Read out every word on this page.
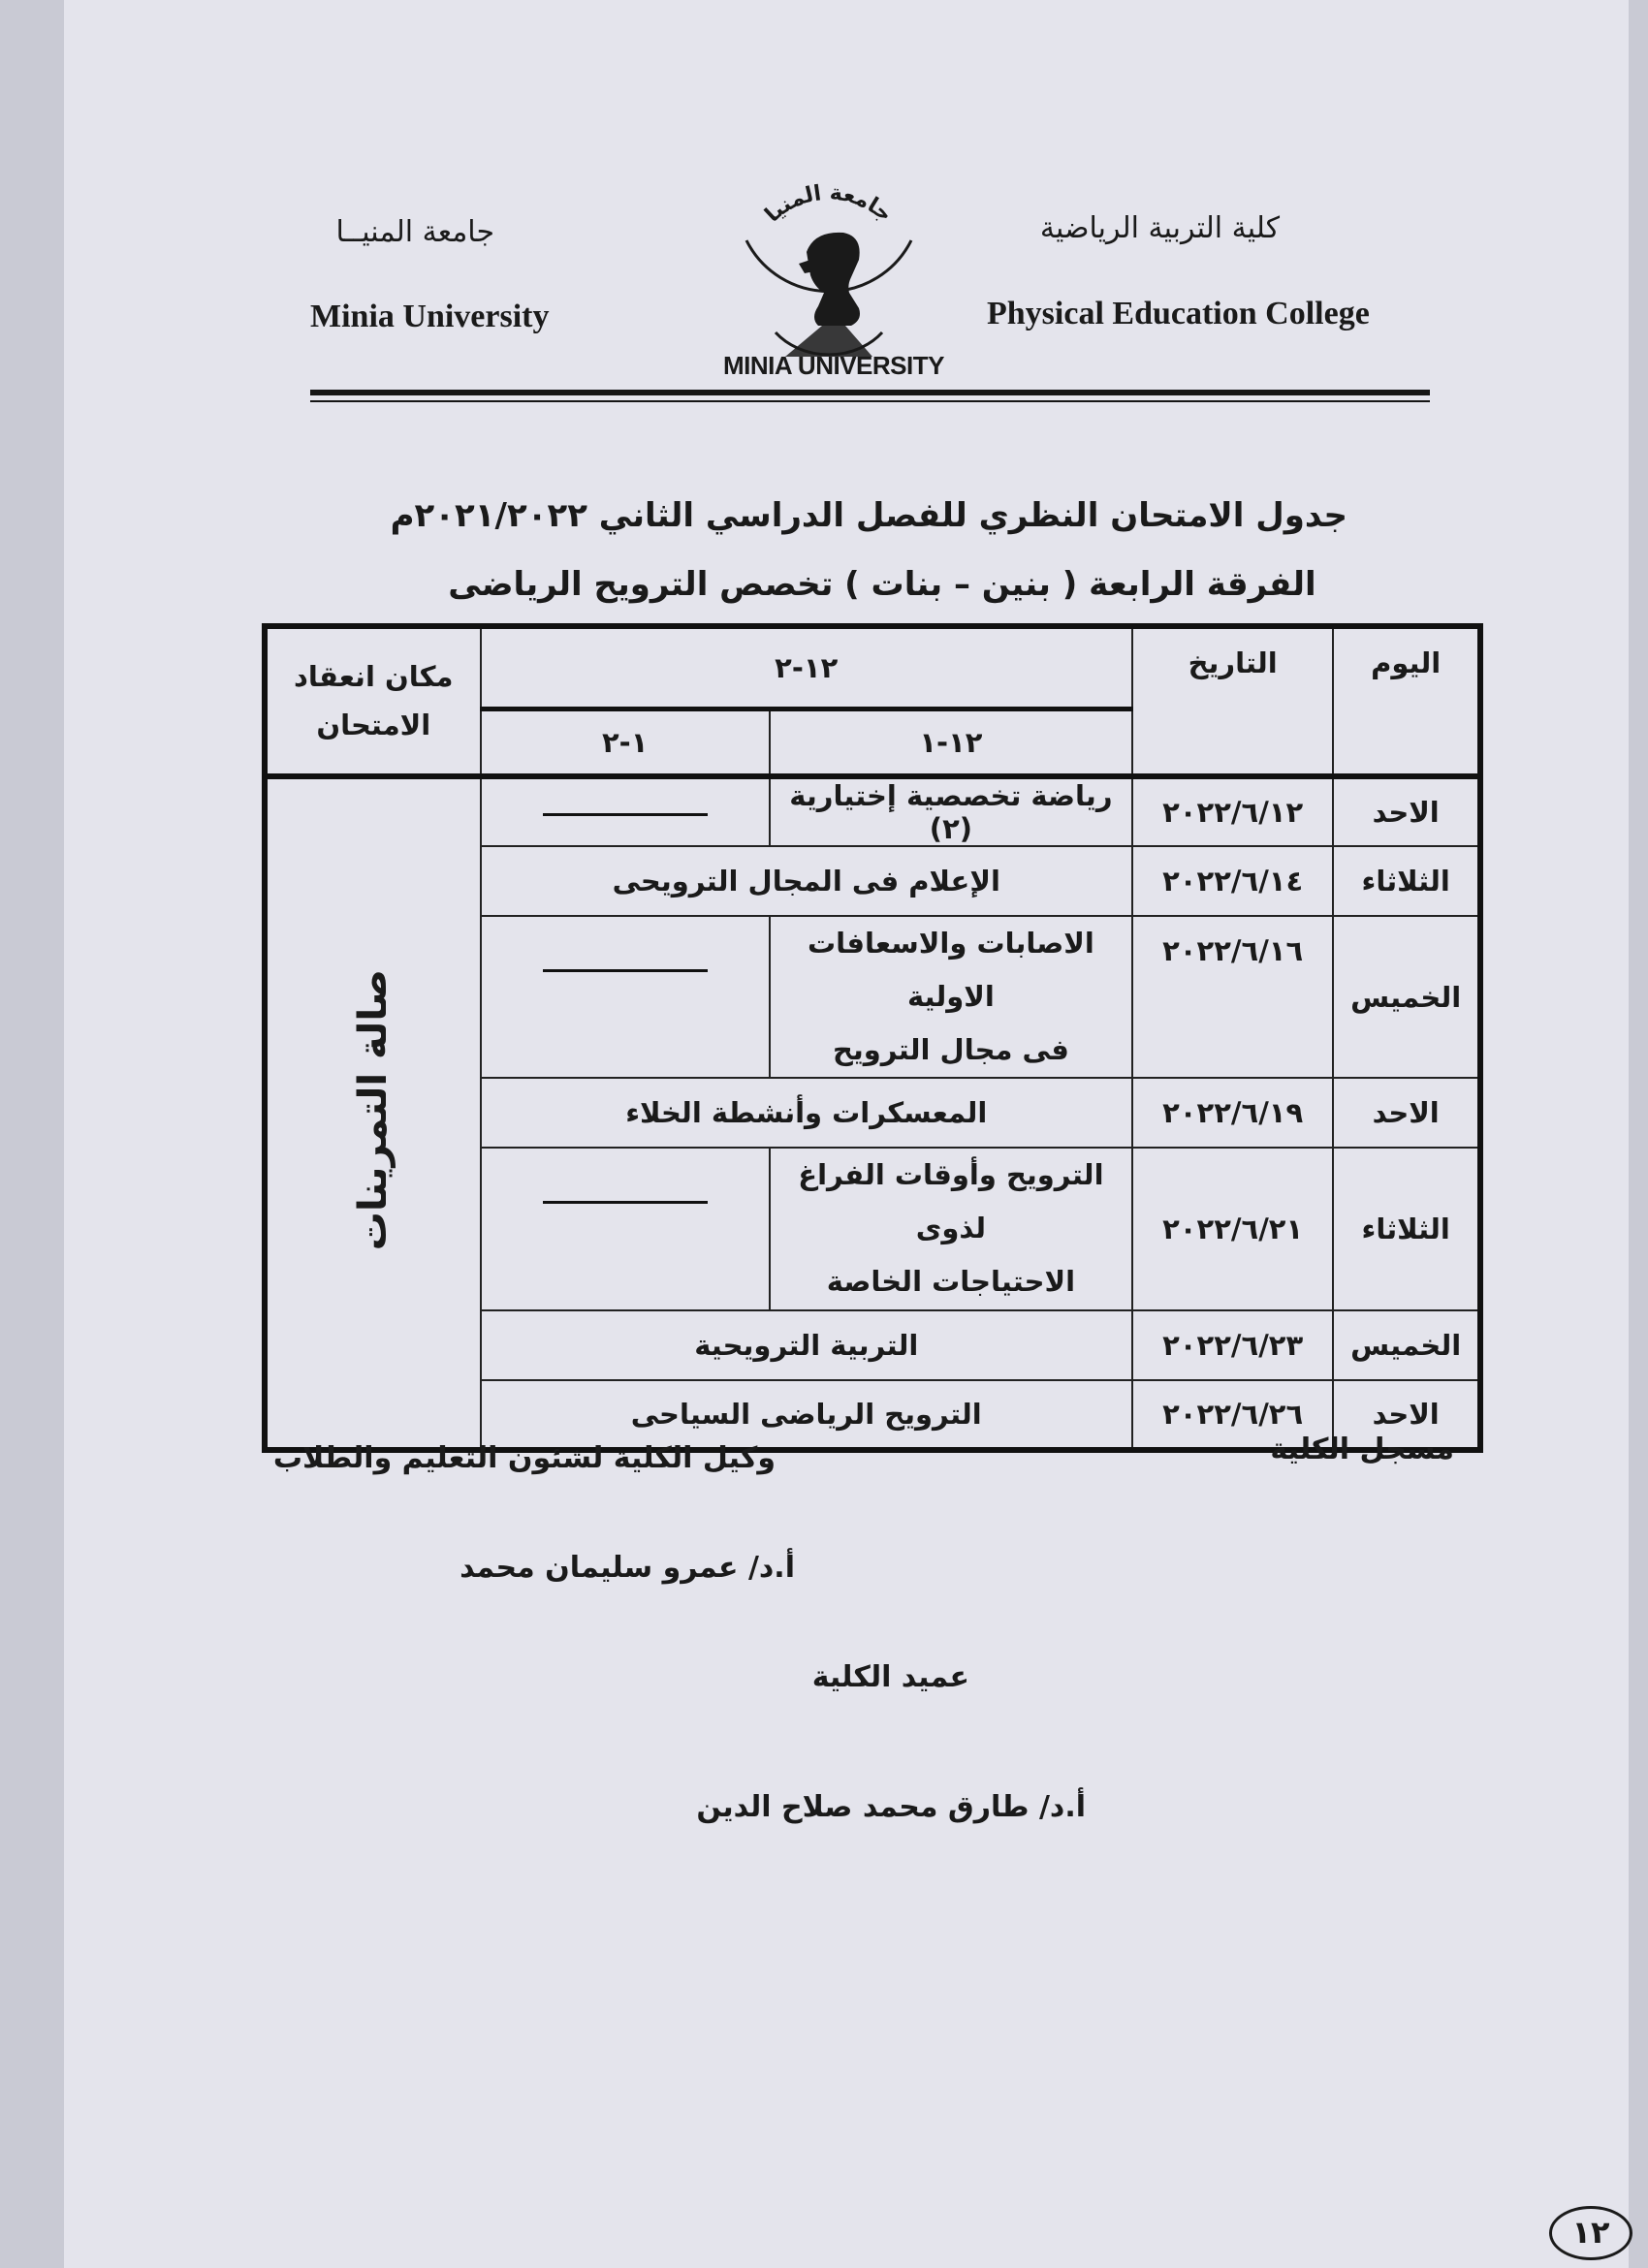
جامعة المنيــا
Minia University
كلية التربية الرياضية
Physical Education College
جامعة المنيا
MINIA UNIVERSITY
جدول الامتحان النظري للفصل الدراسي الثاني ٢٠٢١/٢٠٢٢م
الفرقة الرابعة ( بنين – بنات ) تخصص الترويح الرياضى
اليوم	التاريخ	١٢-٢		مكان انعقاد الامتحان
		١٢-١	١-٢	
الاحد	٢٠٢٢/٦/١٢	رياضة تخصصية إختيارية (٢)		صالة التمرينات
الثلاثاء	٢٠٢٢/٦/١٤	الإعلام فى المجال الترويحى		
الخميس	٢٠٢٢/٦/١٦	الاصابات والاسعافات الاولية
فى مجال الترويح		

الاحد	٢٠٢٢/٦/١٩	المعسكرات وأنشطة الخلاء		
الثلاثاء	٢٠٢٢/٦/٢١	الترويح وأوقات الفراغ لذوى
الاحتياجات الخاصة		

الخميس	٢٠٢٢/٦/٢٣	التربية الترويحية		
الاحد	٢٠٢٢/٦/٢٦	الترويح الرياضى السياحى		
مسجل الكلية
وكيل الكلية لشئون التعليم والطلاب
أ.د/ عمرو سليمان محمد
عميد الكلية
أ.د/ طارق محمد صلاح الدين
١٢
